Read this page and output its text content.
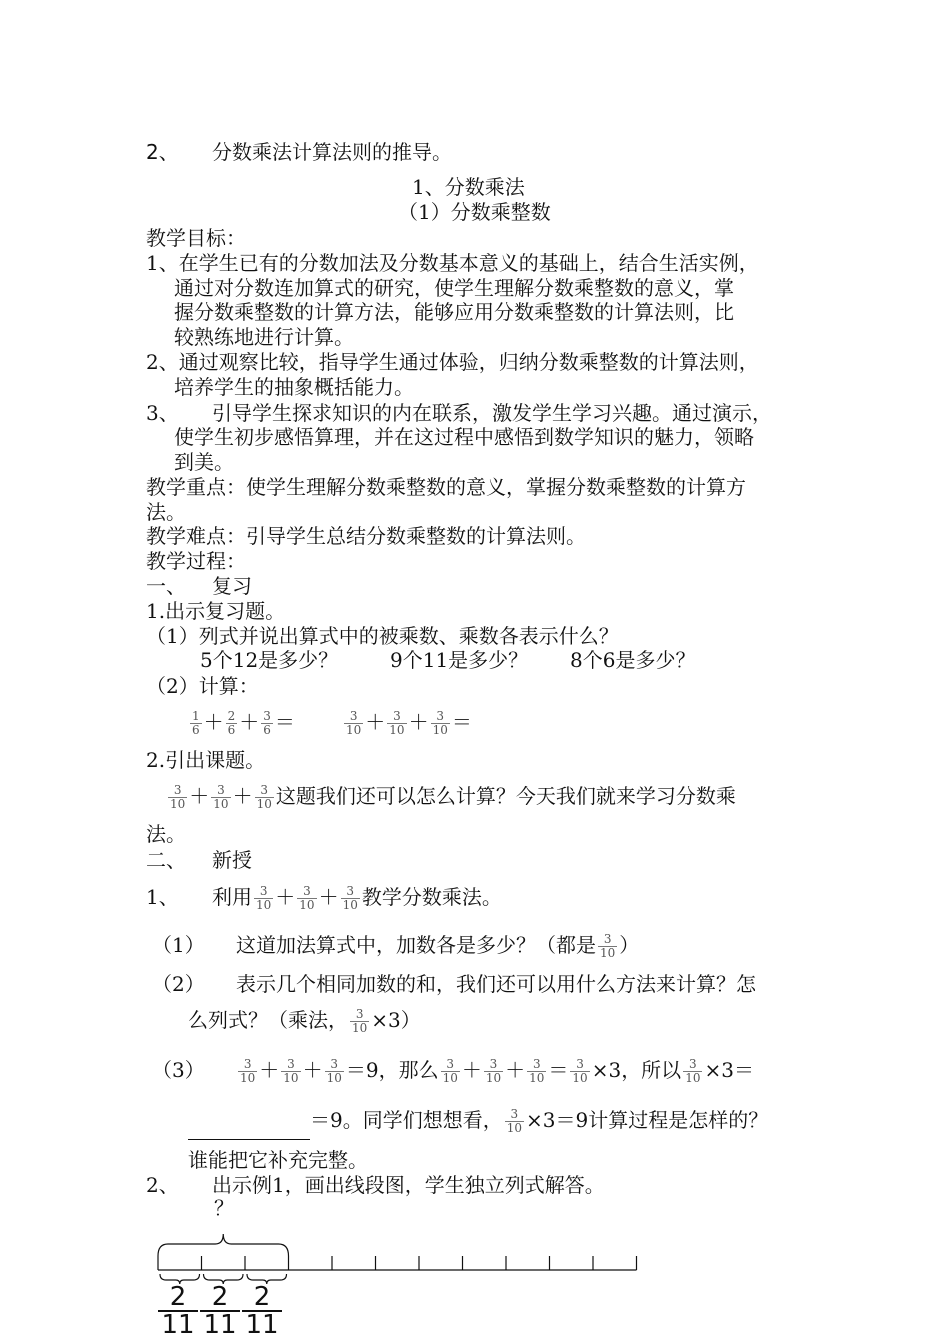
2、 分数乘法计算法则的推导。
1、分数乘法
（1）分数乘整数
教学目标：
1、在学生已有的分数加法及分数基本意义的基础上，结合生活实例，
通过对分数连加算式的研究，使学生理解分数乘整数的意义，掌
握分数乘整数的计算方法，能够应用分数乘整数的计算法则，比
较熟练地进行计算。
2、通过观察比较，指导学生通过体验，归纳分数乘整数的计算法则，
培养学生的抽象概括能力。
3、 引导学生探求知识的内在联系，激发学生学习兴趣。通过演示，
使学生初步感悟算理，并在这过程中感悟到数学知识的魅力，领略
到美。
教学重点：使学生理解分数乘整数的意义，掌握分数乘整数的计算方
法。
教学难点：引导学生总结分数乘整数的计算法则。
教学过程：
一、 复习
1.出示复习题。
（1）列式并说出算式中的被乘数、乘数各表示什么？
5个12是多少？	9个11是多少？ 8个6是多少？
（2）计算：
$\frac{1}{6} + \frac{2}{6} + \frac{3}{6}$ ＝	$\frac{3}{10} + \frac{3}{10} + \frac{3}{10}$ ＝
2.引出课题。
$\frac{3}{10} + \frac{3}{10} + \frac{3}{10}$ 这题我们还可以怎么计算？今天我们就来学习分数乘
法。
二、 新授
1、 利用 $\frac{3}{10} + \frac{3}{10} + \frac{3}{10}$ 教学分数乘法。
（1） 这道加法算式中，加数各是多少？（都是 $\frac{3}{10}$ ）
（2） 表示几个相同加数的和，我们还可以用什么方法来计算？怎
么列式？（乘法， $\frac{3}{10} \times 3$）
（3）	$\frac{3}{10} + \frac{3}{10} + \frac{3}{10} =9$，那么 $\frac{3}{10} + \frac{3}{10} + \frac{3}{10} = \frac{3}{10} \times 3$，所以 $\frac{3}{10} \times 3=$
＝9。同学们想想看， $\frac{3}{10} \times 3=9$计算过程是怎样的？
谁能把它补充完整。
2、 出示例1，画出线段图，学生独立列式解答。
？
2
11
2
11
2
11
